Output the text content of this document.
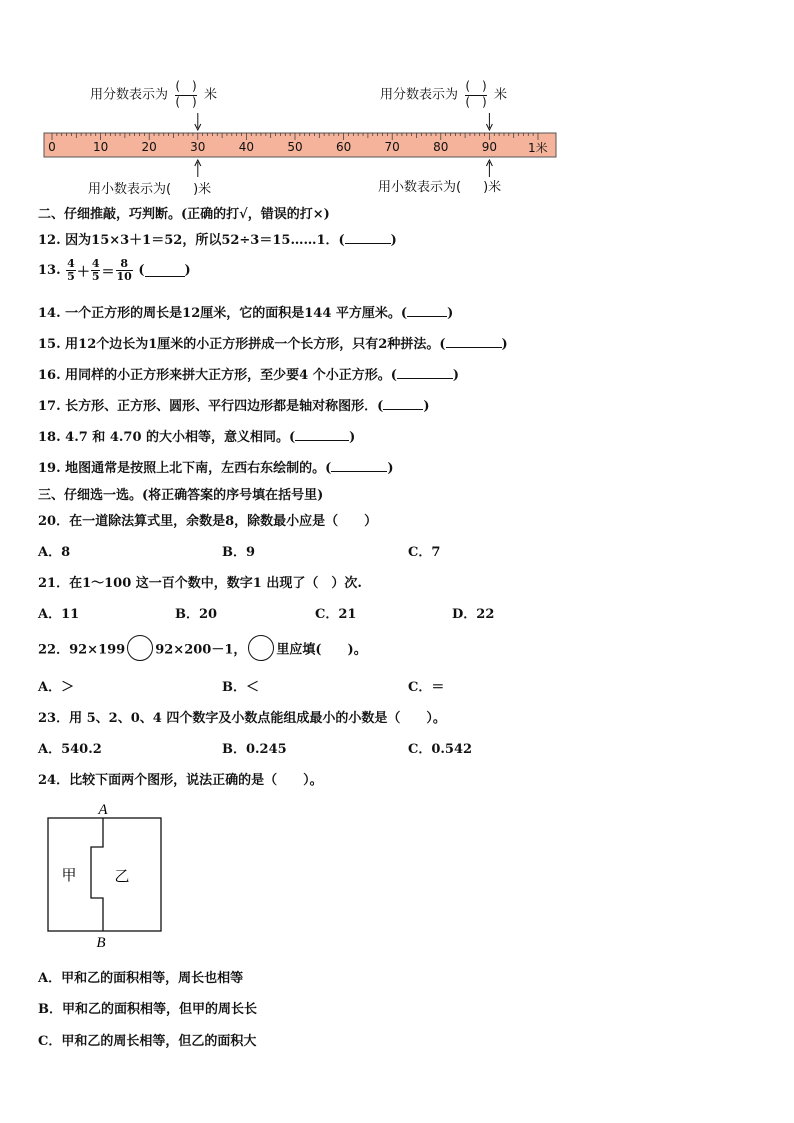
用分数表示为 $\frac{( )}{( )}$ 米	用分数表示为 $\frac{( )}{( )}$ 米
0	10	20	30	40	50	60	70	80	90	1米
用小数表示为( )米	用小数表示为( )米
二、仔细推敲，巧判断。(正确的打√，错误的打×)
12. 因为15×3＋1＝52，所以52÷3＝15……1．(	)
13. $\frac{4}{5} + \frac{4}{5} = \frac{8}{10}$ (	)
14. 一个正方形的周长是12厘米，它的面积是144 平方厘米。(	)
15. 用12个边长为1厘米的小正方形拼成一个长方形，只有2种拼法。(	)
16. 用同样的小正方形来拼大正方形，至少要4 个小正方形。(	)
17. 长方形、正方形、圆形、平行四边形都是轴对称图形．(	)
18. 4.7 和 4.70 的大小相等，意义相同。(	)
19. 地图通常是按照上北下南，左西右东绘制的。(	)
三、仔细选一选。(将正确答案的序号填在括号里)
20．在一道除法算式里，余数是8，除数最小应是（　　）
A．8	B．9	C．7
21．在1～100 这一百个数中，数字1 出现了（　）次.
A．11	B．20	C．21	D．22
22．92×199 92×200－1， 里应填(　　)。
A．＞	B．＜	C．＝
23．用 5、2、0、4 四个数字及小数点能组成最小的小数是（　　）。
A．540.2	B．0.245	C．0.542
24．比较下面两个图形，说法正确的是（　　）。
A
B
甲	乙
A．甲和乙的面积相等，周长也相等
B．甲和乙的面积相等，但甲的周长长
C．甲和乙的周长相等，但乙的面积大
